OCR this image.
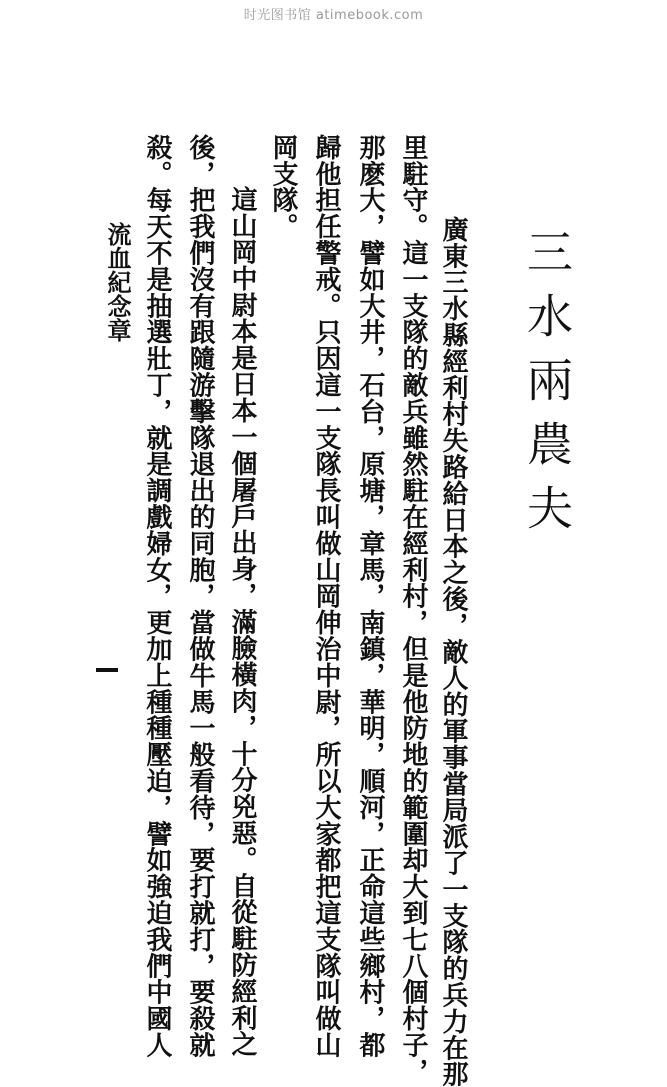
时光图书馆 atimebook.com
三水兩農夫
廣東三水縣經利村失路給日本之後，敵人的軍事當局派了一支隊的兵力在那
里駐守。這一支隊的敵兵雖然駐在經利村，但是他防地的範圍却大到七八個村子，
那麽大，譬如大井，石台，原塘，章馬，南鎮，華明，順河，正命這些鄉村，都
歸他担任警戒。只因這一支隊長叫做山岡伸治中尉，所以大家都把這支隊叫做山
岡支隊。
這山岡中尉本是日本一個屠戶出身，滿臉橫肉，十分兇惡。自從駐防經利之
後，把我們沒有跟隨游擊隊退出的同胞，當做牛馬一般看待，要打就打，要殺就
殺。每天不是抽選壯丁，就是調戲婦女，更加上種種壓迫，譬如強迫我們中國人
流血紀念章
